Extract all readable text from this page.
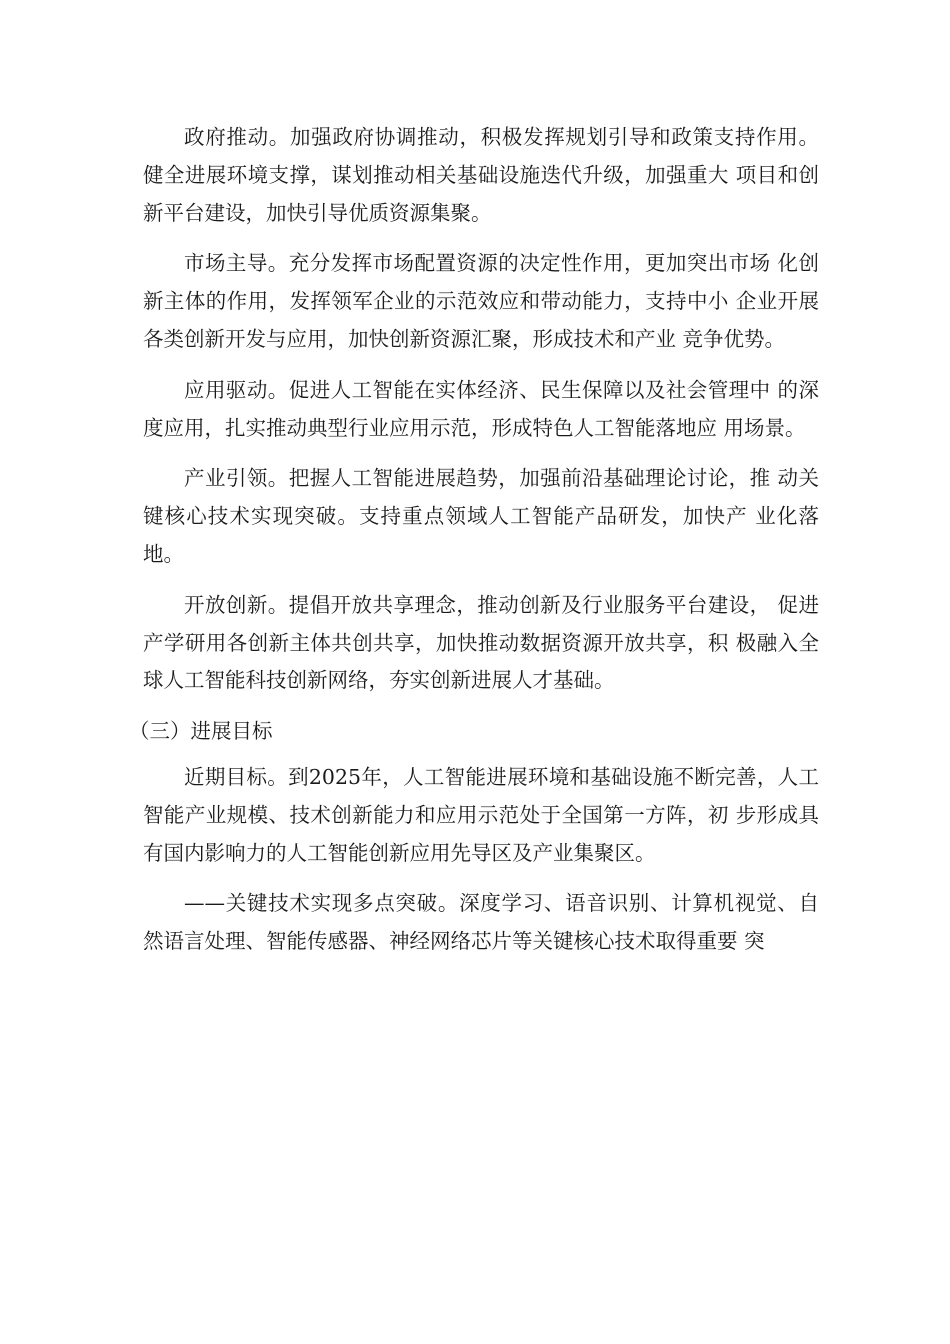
政府推动。加强政府协调推动，积极发挥规划引导和政策支持作用。健全进展环境支撑，谋划推动相关基础设施迭代升级，加强重大 项目和创新平台建设，加快引导优质资源集聚。

市场主导。充分发挥市场配置资源的决定性作用，更加突出市场 化创新主体的作用，发挥领军企业的示范效应和带动能力，支持中小 企业开展各类创新开发与应用，加快创新资源汇聚，形成技术和产业 竞争优势。

应用驱动。促进人工智能在实体经济、民生保障以及社会管理中 的深度应用，扎实推动典型行业应用示范，形成特色人工智能落地应 用场景。

产业引领。把握人工智能进展趋势，加强前沿基础理论讨论，推 动关键核心技术实现突破。支持重点领域人工智能产品研发，加快产 业化落地。

开放创新。提倡开放共享理念，推动创新及行业服务平台建设， 促进产学研用各创新主体共创共享，加快推动数据资源开放共享，积 极融入全球人工智能科技创新网络，夯实创新进展人才基础。

（三）进展目标

近期目标。到2025年，人工智能进展环境和基础设施不断完善，人工智能产业规模、技术创新能力和应用示范处于全国第一方阵，初 步形成具有国内影响力的人工智能创新应用先导区及产业集聚区。

——关键技术实现多点突破。深度学习、语音识别、计算机视觉、自然语言处理、智能传感器、神经网络芯片等关键核心技术取得重要 突
